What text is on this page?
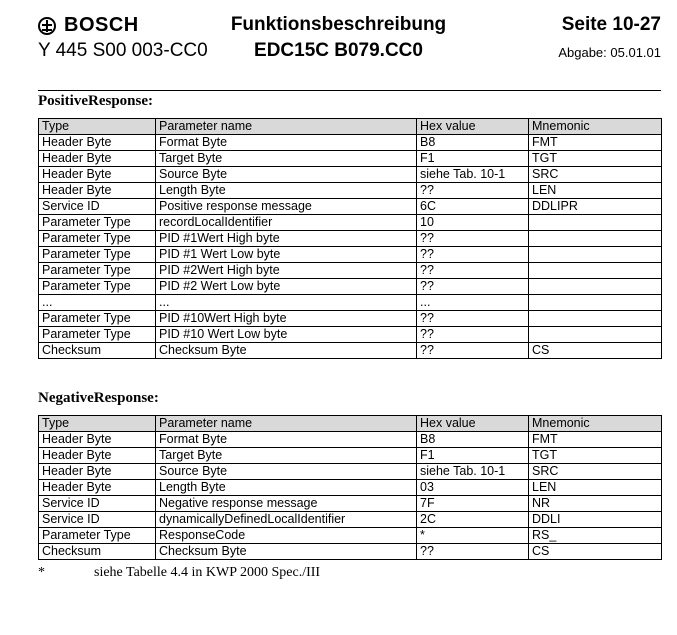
BOSCH
Y 445 S00 003-CC0
Funktionsbeschreibung
EDC15C B079.CC0
Seite 10-27
Abgabe: 05.01.01
PositiveResponse:
Type	Parameter name	Hex value	Mnemonic
Header Byte	Format Byte	B8	FMT
Header Byte	Target Byte	F1	TGT
Header Byte	Source Byte	siehe Tab. 10-1	SRC
Header Byte	Length Byte	??	LEN
Service ID	Positive response message	6C	DDLIPR
Parameter Type	recordLocalIdentifier	10	
Parameter Type	PID #1Wert High byte	??	
Parameter Type	PID #1 Wert Low byte	??	
Parameter Type	PID #2Wert High byte	??	
Parameter Type	PID #2 Wert Low byte	??	
...	...	...	
Parameter Type	PID #10Wert High byte	??	
Parameter Type	PID #10 Wert Low byte	??	
Checksum	Checksum Byte	??	CS
NegativeResponse:
Type	Parameter name	Hex value	Mnemonic
Header Byte	Format Byte	B8	FMT
Header Byte	Target Byte	F1	TGT
Header Byte	Source Byte	siehe Tab. 10-1	SRC
Header Byte	Length Byte	03	LEN
Service ID	Negative response message	7F	NR
Service ID	dynamicallyDefinedLocalIdentifier	2C	DDLI
Parameter Type	ResponseCode	*	RS_
Checksum	Checksum Byte	??	CS
*	siehe Tabelle 4.4 in KWP 2000 Spec./III
